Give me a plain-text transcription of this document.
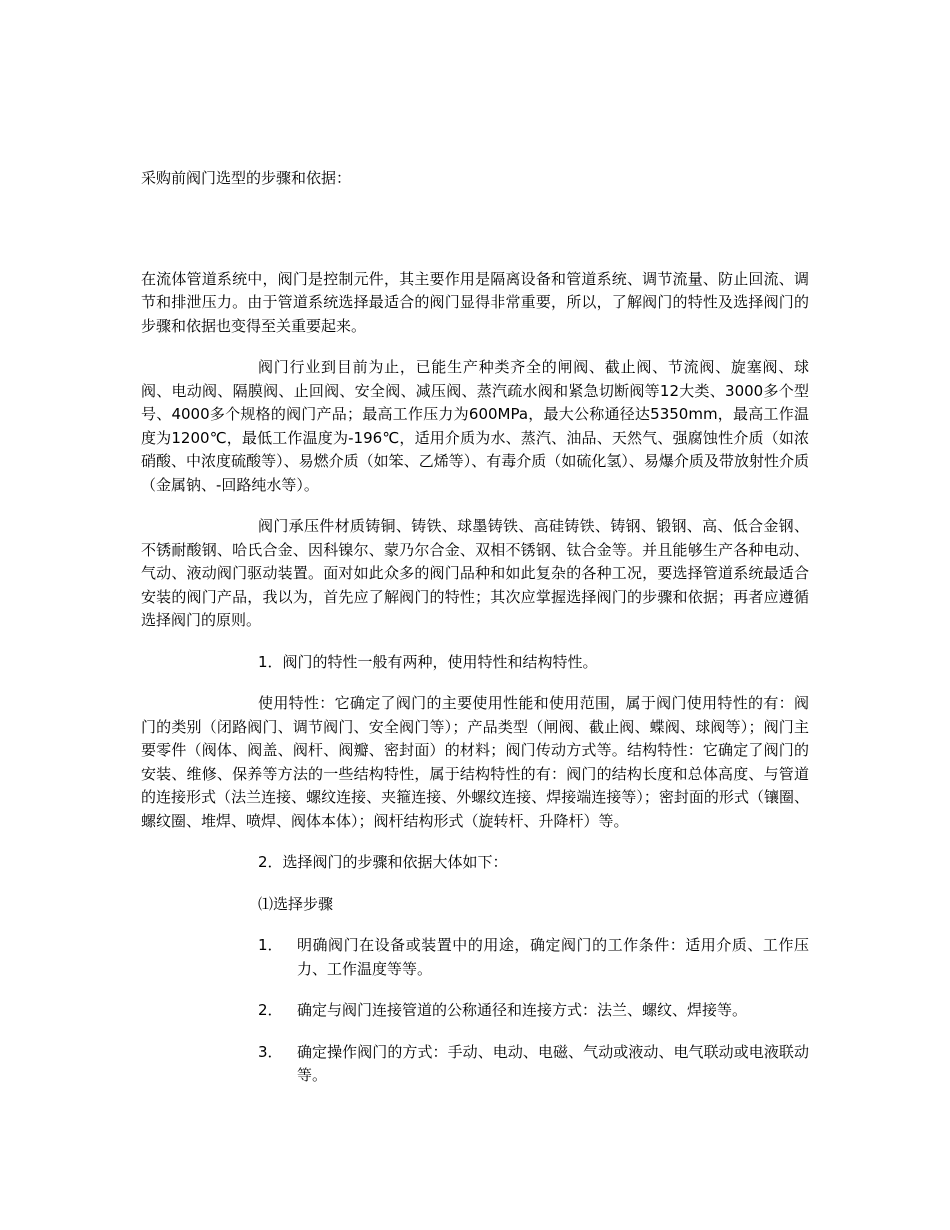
采购前阀门选型的步骤和依据：

在流体管道系统中，阀门是控制元件，其主要作用是隔离设备和管道系统、调节流量、防止回流、调节和排泄压力。由于管道系统选择最适合的阀门显得非常重要，所以，了解阀门的特性及选择阀门的步骤和依据也变得至关重要起来。

阀门行业到目前为止，已能生产种类齐全的闸阀、截止阀、节流阀、旋塞阀、球阀、电动阀、隔膜阀、止回阀、安全阀、减压阀、蒸汽疏水阀和紧急切断阀等12大类、3000多个型号、4000多个规格的阀门产品；最高工作压力为600MPa，最大公称通径达5350mm，最高工作温度为1200℃，最低工作温度为-196℃，适用介质为水、蒸汽、油品、天然气、强腐蚀性介质（如浓硝酸、中浓度硫酸等）、易燃介质（如笨、乙烯等）、有毒介质（如硫化氢）、易爆介质及带放射性介质（金属钠、-回路纯水等）。

阀门承压件材质铸铜、铸铁、球墨铸铁、高硅铸铁、铸钢、锻钢、高、低合金钢、不锈耐酸钢、哈氏合金、因科镍尔、蒙乃尔合金、双相不锈钢、钛合金等。并且能够生产各种电动、气动、液动阀门驱动装置。面对如此众多的阀门品种和如此复杂的各种工况，要选择管道系统最适合安装的阀门产品，我以为，首先应了解阀门的特性；其次应掌握选择阀门的步骤和依据；再者应遵循选择阀门的原则。

1．阀门的特性一般有两种，使用特性和结构特性。

使用特性：它确定了阀门的主要使用性能和使用范围，属于阀门使用特性的有：阀门的类别（闭路阀门、调节阀门、安全阀门等）；产品类型（闸阀、截止阀、蝶阀、球阀等）；阀门主要零件（阀体、阀盖、阀杆、阀瓣、密封面）的材料；阀门传动方式等。结构特性：它确定了阀门的安装、维修、保养等方法的一些结构特性，属于结构特性的有：阀门的结构长度和总体高度、与管道的连接形式（法兰连接、螺纹连接、夹箍连接、外螺纹连接、焊接端连接等）；密封面的形式（镶圈、螺纹圈、堆焊、喷焊、阀体本体）；阀杆结构形式（旋转杆、升降杆）等。

2．选择阀门的步骤和依据大体如下：

⑴选择步骤

1． 明确阀门在设备或装置中的用途，确定阀门的工作条件：适用介质、工作压力、工作温度等等。
2． 确定与阀门连接管道的公称通径和连接方式：法兰、螺纹、焊接等。
3． 确定操作阀门的方式：手动、电动、电磁、气动或液动、电气联动或电液联动等。
